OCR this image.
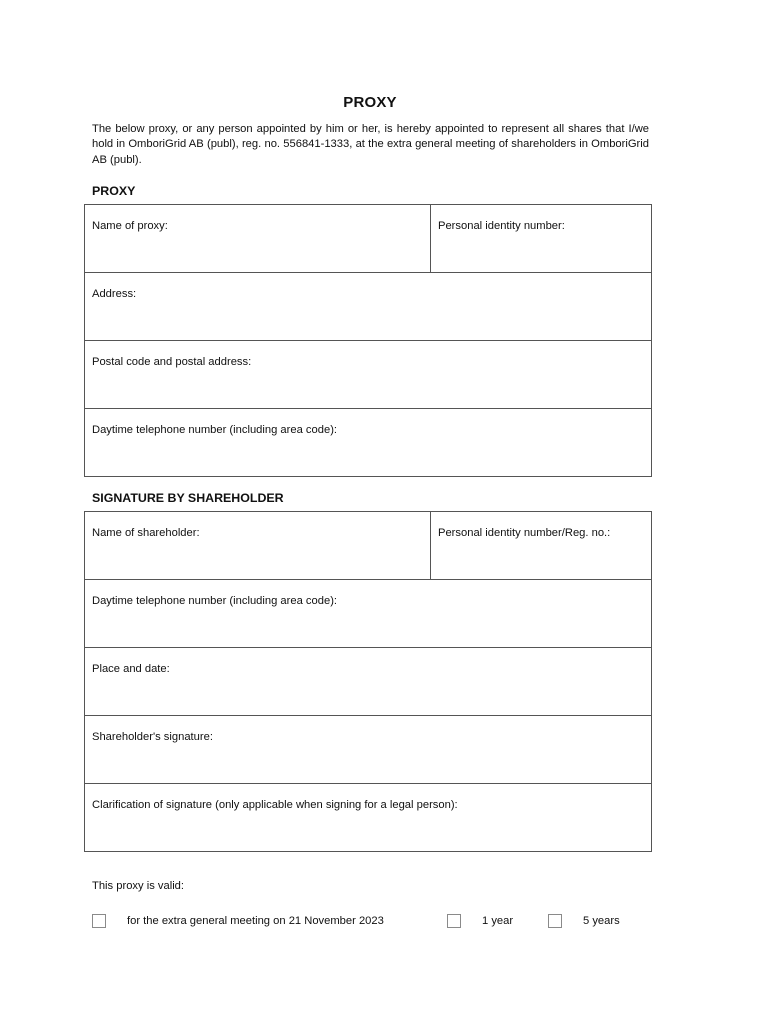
PROXY
The below proxy, or any person appointed by him or her, is hereby appointed to represent all shares that I/we hold in OmboriGrid AB (publ), reg. no. 556841-1333, at the extra general meeting of shareholders in OmboriGrid AB (publ).
PROXY
Name of proxy:	Personal identity number:
Address:
Postal code and postal address:
Daytime telephone number (including area code):
SIGNATURE BY SHAREHOLDER
Name of shareholder:	Personal identity number/Reg. no.:
Daytime telephone number (including area code):
Place and date:
Shareholder's signature:
Clarification of signature (only applicable when signing for a legal person):
This proxy is valid:
for the extra general meeting on 21 November 2023	1 year	5 years
